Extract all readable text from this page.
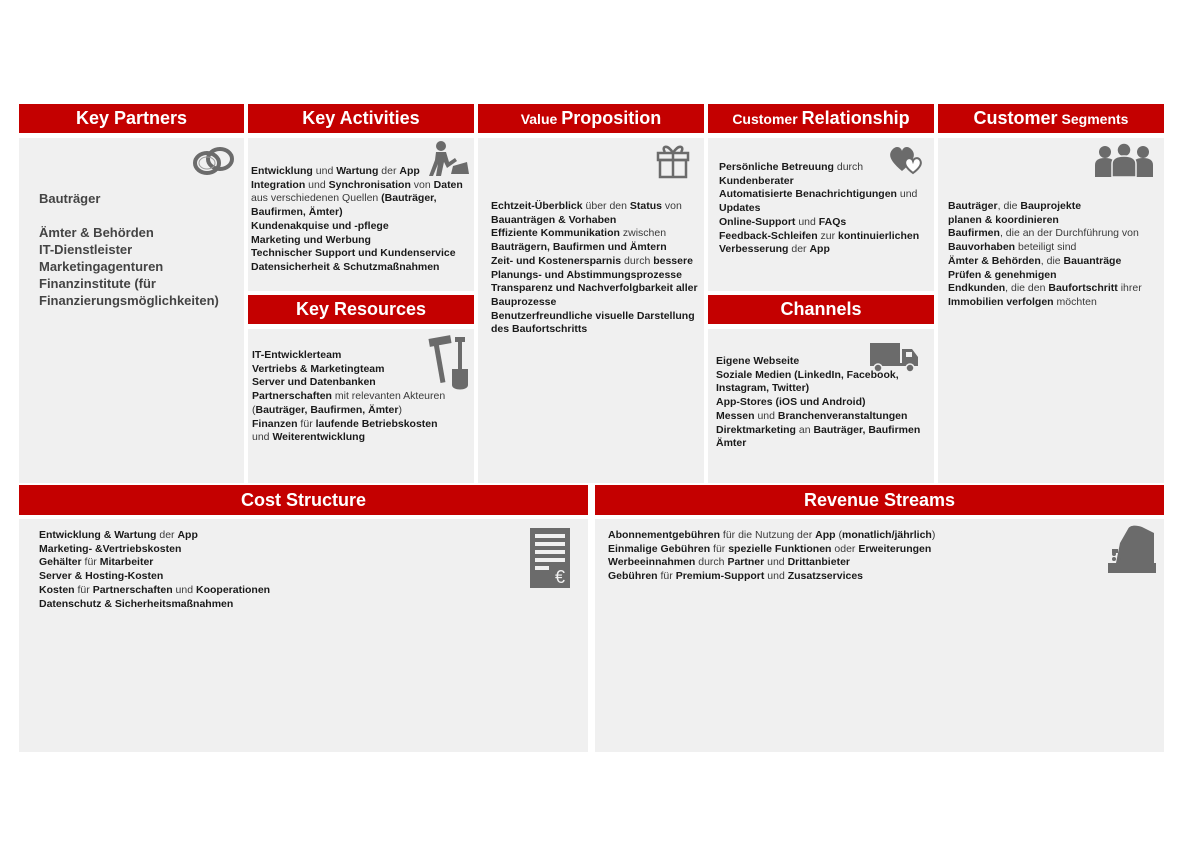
Key Partners	Key Activities	Value Proposition	Customer Relationship	Customer Segments
Key Resources	Channels
Cost Structure	Revenue Streams
€
Bauträger
Ämter & Behörden
IT-Dienstleister
Marketingagenturen
Finanzinstitute (für
Finanzierungsmöglichkeiten)
Entwicklung und Wartung der App
Integration und Synchronisation von Daten
aus verschiedenen Quellen (Bauträger,
Baufirmen, Ämter)
Kundenakquise und -pflege
Marketing und Werbung
Technischer Support und Kundenservice
Datensicherheit & Schutzmaßnahmen
IT-Entwicklerteam
Vertriebs & Marketingteam
Server und Datenbanken
Partnerschaften mit relevanten Akteuren
(Bauträger, Baufirmen, Ämter)
Finanzen für laufende Betriebskosten
und Weiterentwicklung
Echtzeit-Überblick über den Status von
Bauanträgen & Vorhaben
Effiziente Kommunikation zwischen
Bauträgern, Baufirmen und Ämtern
Zeit- und Kostenersparnis durch bessere
Planungs- und Abstimmungsprozesse
Transparenz und Nachverfolgbarkeit aller
Bauprozesse
Benutzerfreundliche visuelle Darstellung
des Baufortschritts
Persönliche Betreuung durch
Kundenberater
Automatisierte Benachrichtigungen und
Updates
Online-Support und FAQs
Feedback-Schleifen zur kontinuierlichen
Verbesserung der App
Eigene Webseite
Soziale Medien (LinkedIn, Facebook,
Instagram, Twitter)
App-Stores (iOS und Android)
Messen und Branchenveranstaltungen
Direktmarketing an Bauträger, Baufirmen
Ämter
Bauträger, die Bauprojekte
planen & koordinieren
Baufirmen, die an der Durchführung von
Bauvorhaben beteiligt sind
Ämter & Behörden, die Bauanträge
Prüfen & genehmigen
Endkunden, die den Baufortschritt ihrer
Immobilien verfolgen möchten
Entwicklung & Wartung der App
Marketing- &Vertriebskosten
Gehälter für Mitarbeiter
Server & Hosting-Kosten
Kosten für Partnerschaften und Kooperationen
Datenschutz & Sicherheitsmaßnahmen
Abonnementgebühren für die Nutzung der App (monatlich/jährlich)
Einmalige Gebühren für spezielle Funktionen oder Erweiterungen
Werbeeinnahmen durch Partner und Drittanbieter
Gebühren für Premium-Support und Zusatzservices
